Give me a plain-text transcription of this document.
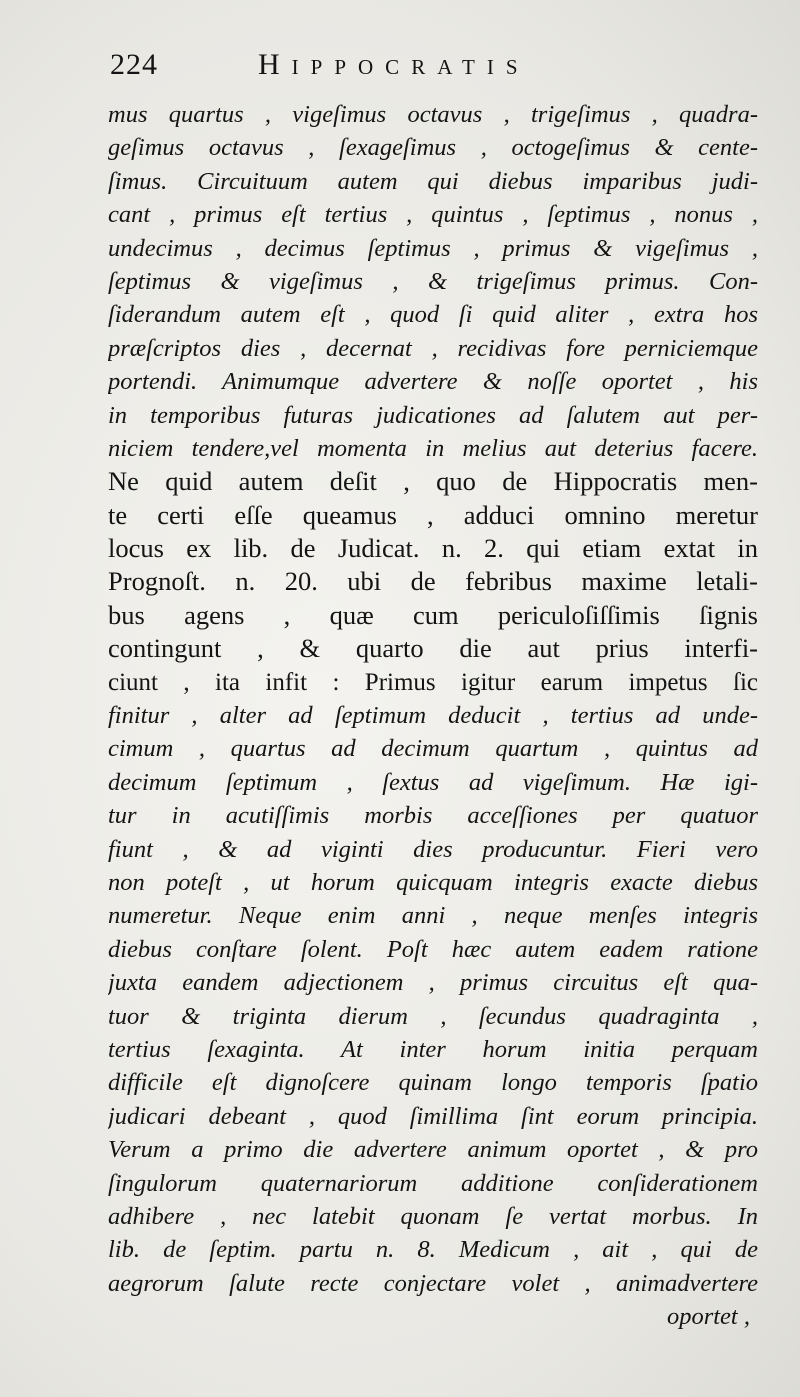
224	Hippocratis
mus quartus , vigeſimus octavus , trigeſimus , quadra-
geſimus octavus , ſexageſimus , octogeſimus & cente-
ſimus. Circuituum autem qui diebus imparibus judi-
cant , primus eſt tertius , quintus , ſeptimus , nonus ,
undecimus , decimus ſeptimus , primus & vigeſimus ,
ſeptimus & vigeſimus , & trigeſimus primus. Con-
ſiderandum autem eſt , quod ſi quid aliter , extra hos
præſcriptos dies , decernat , recidivas fore perniciemque
portendi. Animumque advertere & noſſe oportet , his
in temporibus futuras judicationes ad ſalutem aut per-
niciem tendere,vel momenta in melius aut deterius facere.
Ne quid autem deſit , quo de Hippocratis men-
te certi eſſe queamus , adduci omnino meretur
locus ex lib. de Judicat. n. 2. qui etiam extat in
Prognoſt. n. 20. ubi de febribus maxime letali-
bus agens , quæ cum periculoſiſſimis ſignis
contingunt , & quarto die aut prius interfi-
ciunt , ita infit : Primus igitur earum impetus ſic
finitur , alter ad ſeptimum deducit , tertius ad unde-
cimum , quartus ad decimum quartum , quintus ad
decimum ſeptimum , ſextus ad vigeſimum. Hæ igi-
tur in acutiſſimis morbis acceſſiones per quatuor
fiunt , & ad viginti dies producuntur. Fieri vero
non poteſt , ut horum quicquam integris exacte diebus
numeretur. Neque enim anni , neque menſes integris
diebus conſtare ſolent. Poſt hæc autem eadem ratione
juxta eandem adjectionem , primus circuitus eſt qua-
tuor & triginta dierum , ſecundus quadraginta ,
tertius ſexaginta. At inter horum initia perquam
difficile eſt dignoſcere quinam longo temporis ſpatio
judicari debeant , quod ſimillima ſint eorum principia.
Verum a primo die advertere animum oportet , & pro
ſingulorum quaternariorum additione conſiderationem
adhibere , nec latebit quonam ſe vertat morbus. In
lib. de ſeptim. partu n. 8. Medicum , ait , qui de
aegrorum ſalute recte conjectare volet , animadvertere
oportet ,
